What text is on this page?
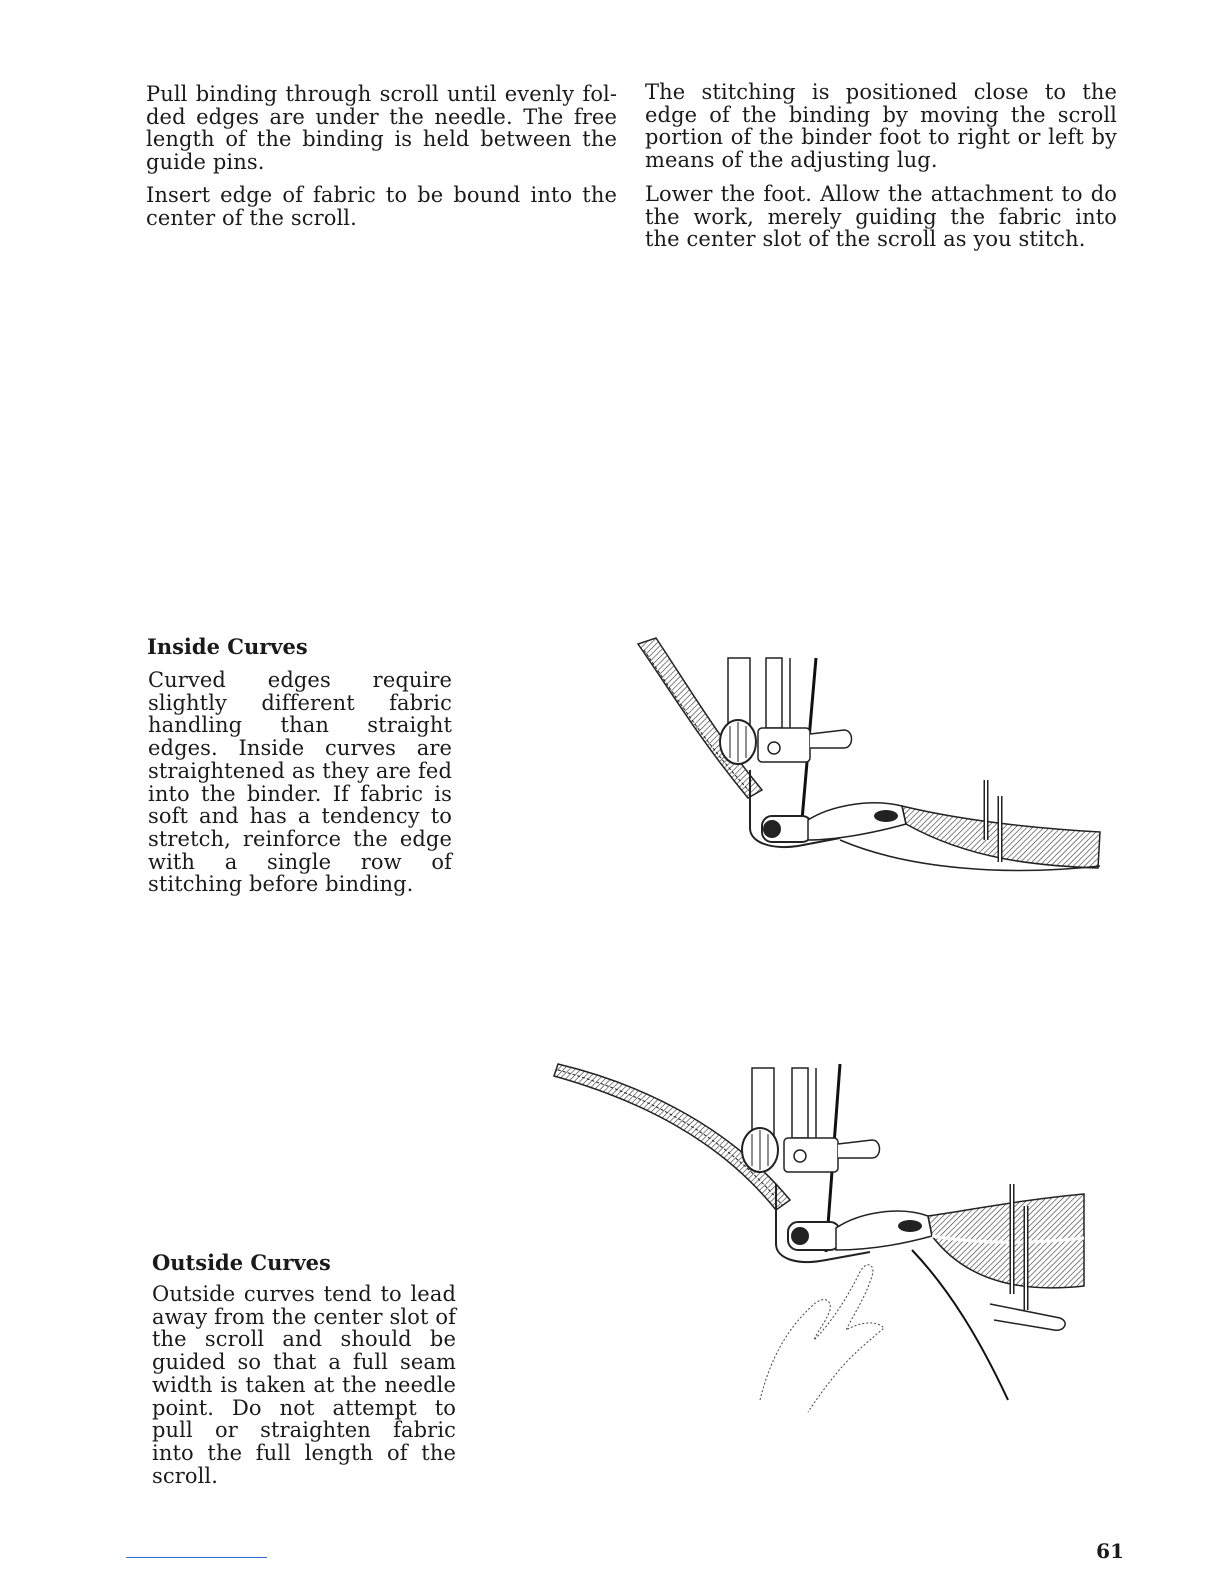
Pull binding through scroll until evenly folded edges are under the needle. The free length of the binding is held between the guide pins.

Insert edge of fabric to be bound into the center of the scroll.

The stitching is positioned close to the edge of the binding by moving the scroll portion of the binder foot to right or left by means of the adjusting lug.

Lower the foot. Allow the attachment to do the work, merely guiding the fabric into the center slot of the scroll as you stitch.

Inside Curves

Curved edges require slightly different fabric handling than straight edges. Inside curves are straightened as they are fed into the binder. If fabric is soft and has a tendency to stretch, reinforce the edge with a single row of stitching before binding.

Outside Curves

Outside curves tend to lead away from the center slot of the scroll and should be guided so that a full seam width is taken at the needle point. Do not attempt to pull or straighten fabric into the full length of the scroll.

61
